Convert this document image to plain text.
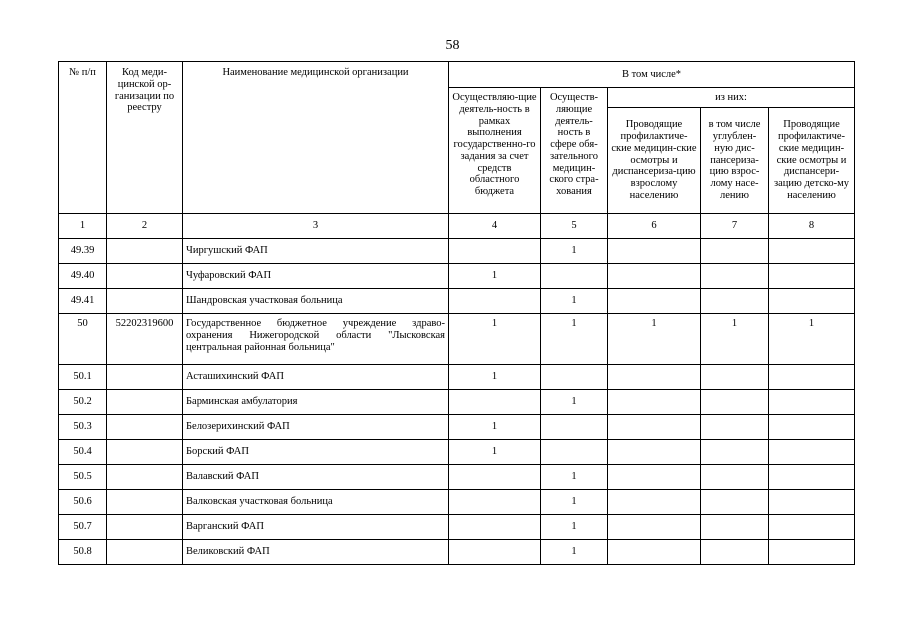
58
№ п/п	Код меди-цинской ор-ганизации по реестру	Наименование медицинской организации	В том числе*				
			Осуществляю-щие деятель-ность в рамках выполнения государственно-го задания за счет средств областного бюджета	Осуществ-ляющие деятель-ность в сфере обя-зательного медицин-ского стра-хования	из них:		
					Проводящие профилактиче-ские медицин-ские осмотры и диспансериза-цию взрослому населению	в том числе углублен-ную дис-пансериза-цию взрос-лому насе-лению	Проводящие профилактиче-ские медицин-ские осмотры и диспансери-зацию детско-му населению
1	2	3	4	5	6	7	8
49.39		Чиргушский ФАП		1			
49.40		Чуфаровский ФАП	1				
49.41		Шандровская участковая больница		1			
50	52202319600	Государственное бюджетное учреждение здраво-охранения Нижегородской области "Лысковская центральная районная больница"	1	1	1	1	1
50.1		Асташихинский ФАП	1				
50.2		Барминская амбулатория		1			
50.3		Белозерихинский ФАП	1				
50.4		Борский ФАП	1				
50.5		Валавский ФАП		1			
50.6		Валковская участковая больница		1			
50.7		Варганский ФАП		1			
50.8		Великовский ФАП		1			
